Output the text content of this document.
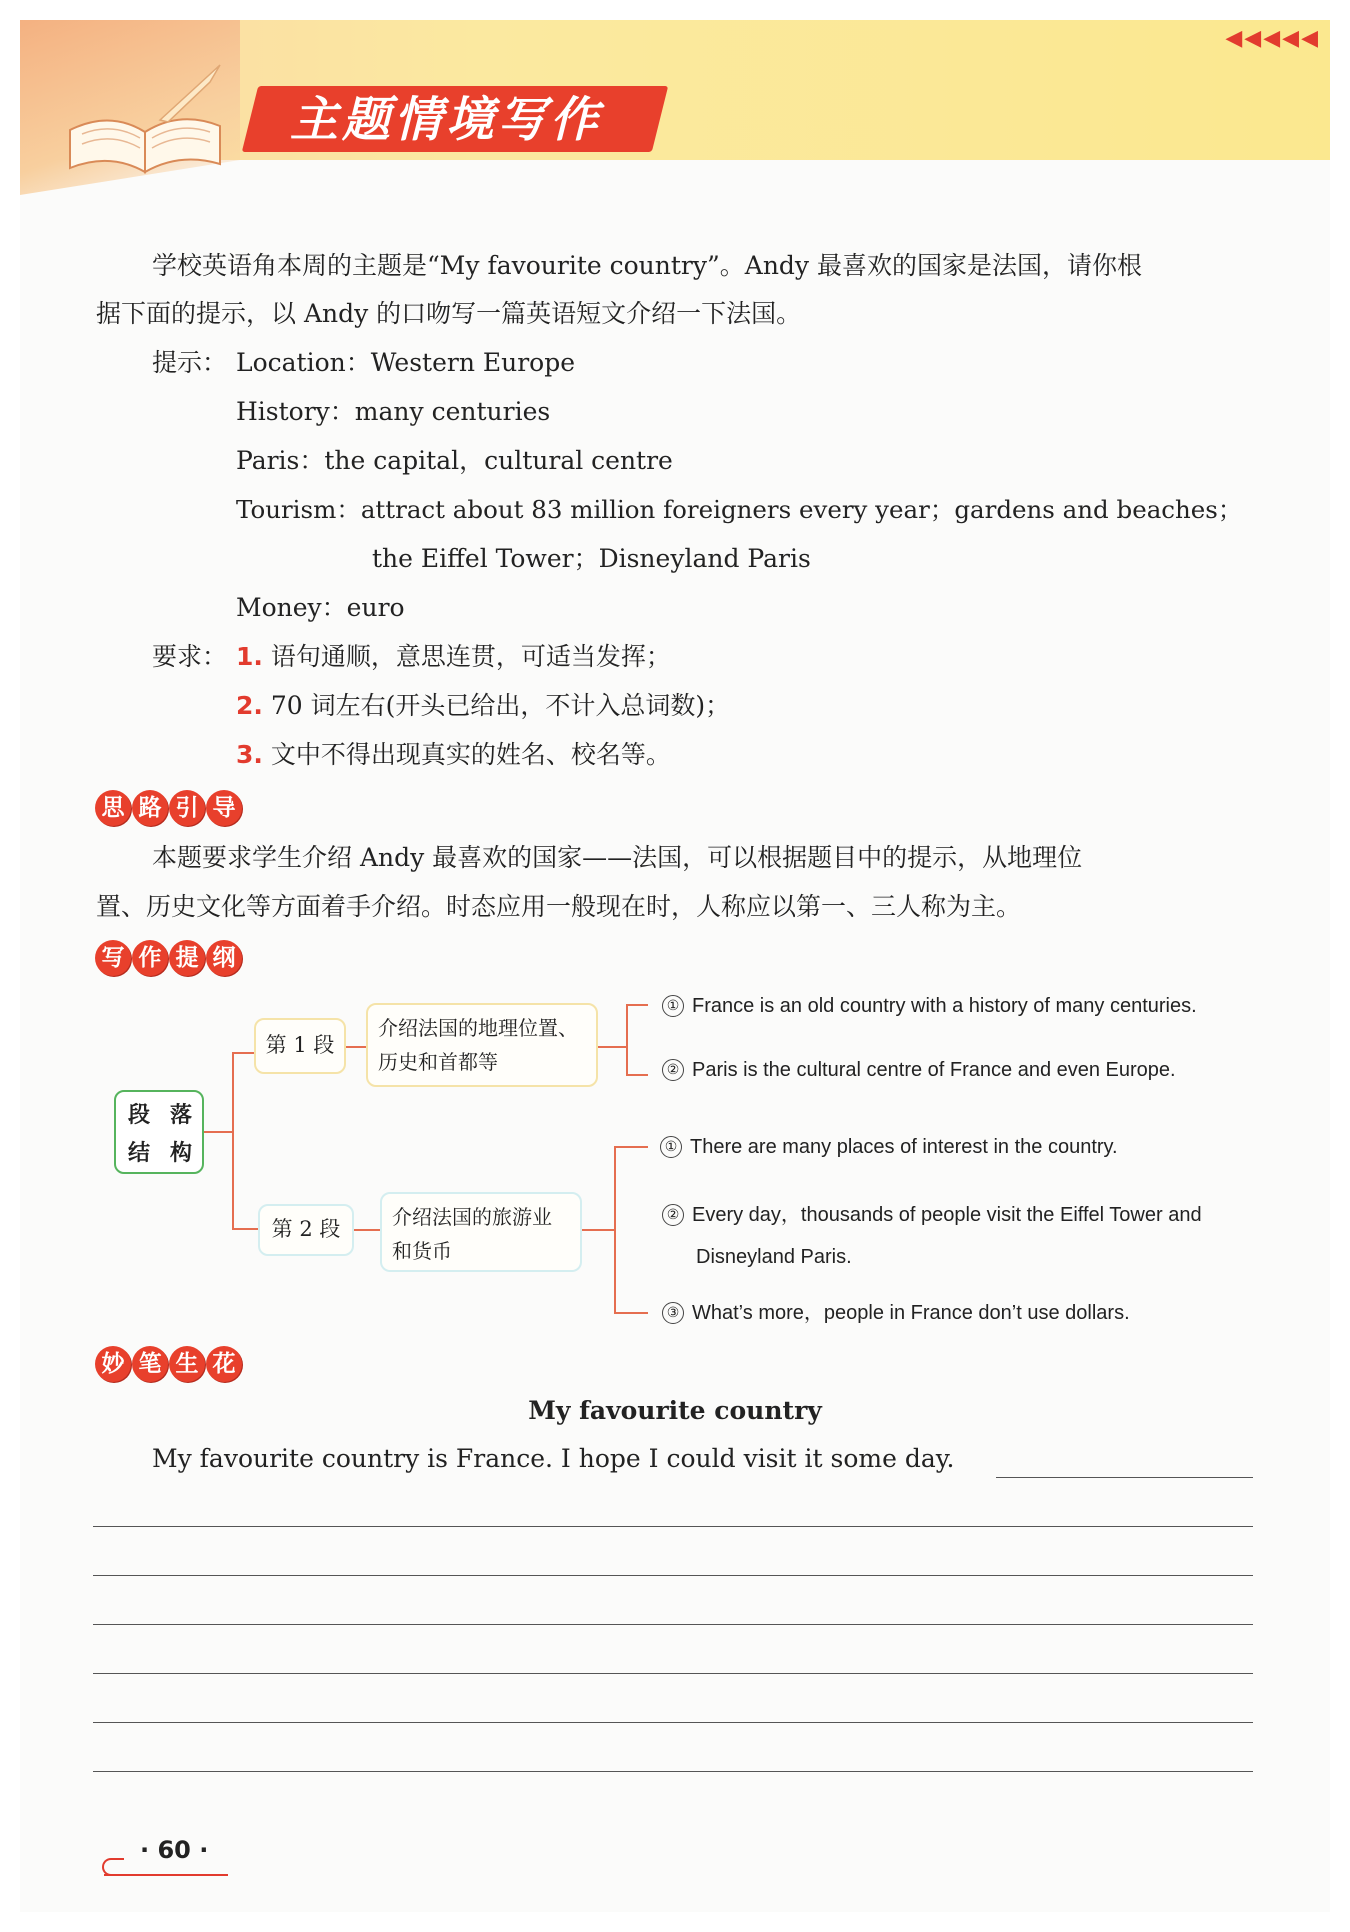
主题情境写作
◀◀◀◀◀
学校英语角本周的主题是“My favourite country”。Andy 最喜欢的国家是法国，请你根
据下面的提示，以 Andy 的口吻写一篇英语短文介绍一下法国。
提示： Location：Western Europe
History：many centuries
Paris：the capital，cultural centre
Tourism：attract about 83 million foreigners every year；gardens and beaches；
the Eiffel Tower；Disneyland Paris
Money：euro
要求： 1. 语句通顺，意思连贯，可适当发挥；
2. 70 词左右(开头已给出，不计入总词数)；
3. 文中不得出现真实的姓名、校名等。
思 路 引 导
本题要求学生介绍 Andy 最喜欢的国家——法国，可以根据题目中的提示，从地理位
置、历史文化等方面着手介绍。时态应用一般现在时，人称应以第一、三人称为主。
写 作 提 纲
段 落
结 构
第 1 段
介绍法国的地理位置、
历史和首都等
① France is an old country with a history of many centuries.
② Paris is the cultural centre of France and even Europe.
第 2 段	介绍法国的旅游业
和货币
① There are many places of interest in the country.
② Every day，thousands of people visit the Eiffel Tower and
Disneyland Paris.
③ What’s more，people in France don’t use dollars.
妙 笔 生 花
My favourite country
My favourite country is France. I hope I could visit it some day.
· 60 ·
